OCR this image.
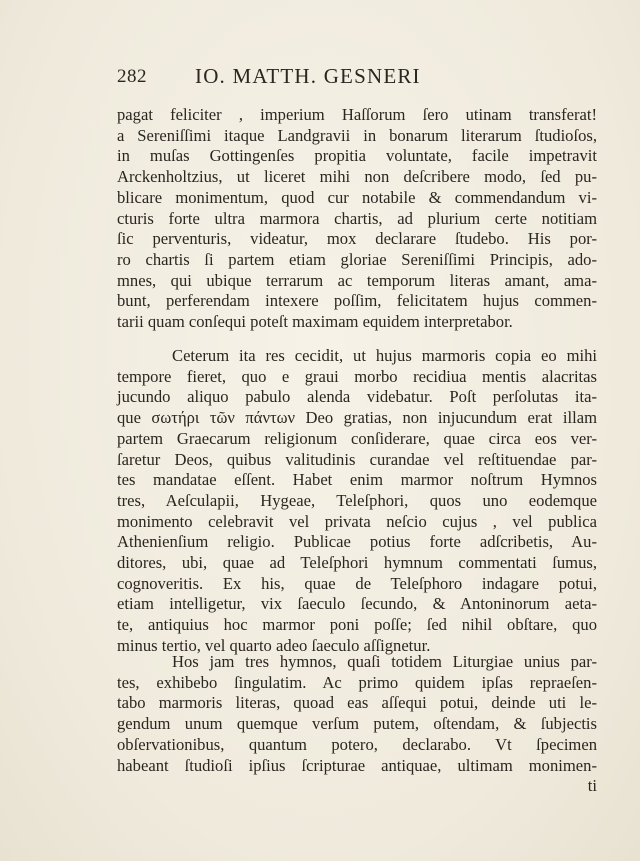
282 IO. MATTH. GESNERI
pagat feliciter , imperium Haſſorum ſero utinam transferat!
a Sereniſſimi itaque Landgravii in bonarum literarum ſtudioſos,
in muſas Gottingenſes propitia voluntate, facile impetravit
Arckenholtzius, ut liceret mihi non deſcribere modo, ſed pu-
blicare monimentum, quod cur notabile & commendandum vi-
cturis forte ultra marmora chartis, ad plurium certe notitiam
ſic perventuris, videatur, mox declarare ſtudebo. His por-
ro chartis ſi partem etiam gloriae Sereniſſimi Principis, ado-
mnes, qui ubique terrarum ac temporum literas amant, ama-
bunt, perferendam intexere poſſim, felicitatem hujus commen-
tarii quam conſequi poteſt maximam equidem interpretabor.
Ceterum ita res cecidit, ut hujus marmoris copia eo mihi
tempore fieret, quo e graui morbo recidiua mentis alacritas
jucundo aliquo pabulo alenda videbatur. Poſt perſolutas ita-
que σωτήρι τῶν πάντων Deo gratias, non injucundum erat illam
partem Graecarum religionum conſiderare, quae circa eos ver-
ſaretur Deos, quibus valitudinis curandae vel reſtituendae par-
tes mandatae eſſent. Habet enim marmor noſtrum Hymnos
tres, Aeſculapii, Hygeae, Teleſphori, quos uno eodemque
monimento celebravit vel privata neſcio cujus , vel publica
Athenienſium religio. Publicae potius forte adſcribetis, Au-
ditores, ubi, quae ad Teleſphori hymnum commentati ſumus,
cognoveritis. Ex his, quae de Teleſphoro indagare potui,
etiam intelligetur, vix ſaeculo ſecundo, & Antoninorum aeta-
te, antiquius hoc marmor poni poſſe; ſed nihil obſtare, quo
minus tertio, vel quarto adeo ſaeculo aſſignetur.
Hos jam tres hymnos, quaſi totidem Liturgiae unius par-
tes, exhibebo ſingulatim. Ac primo quidem ipſas repraeſen-
tabo marmoris literas, quoad eas aſſequi potui, deinde uti le-
gendum unum quemque verſum putem, oſtendam, & ſubjectis
obſervationibus, quantum potero, declarabo. Vt ſpecimen
habeant ſtudioſi ipſius ſcripturae antiquae, ultimam monimen-
ti
